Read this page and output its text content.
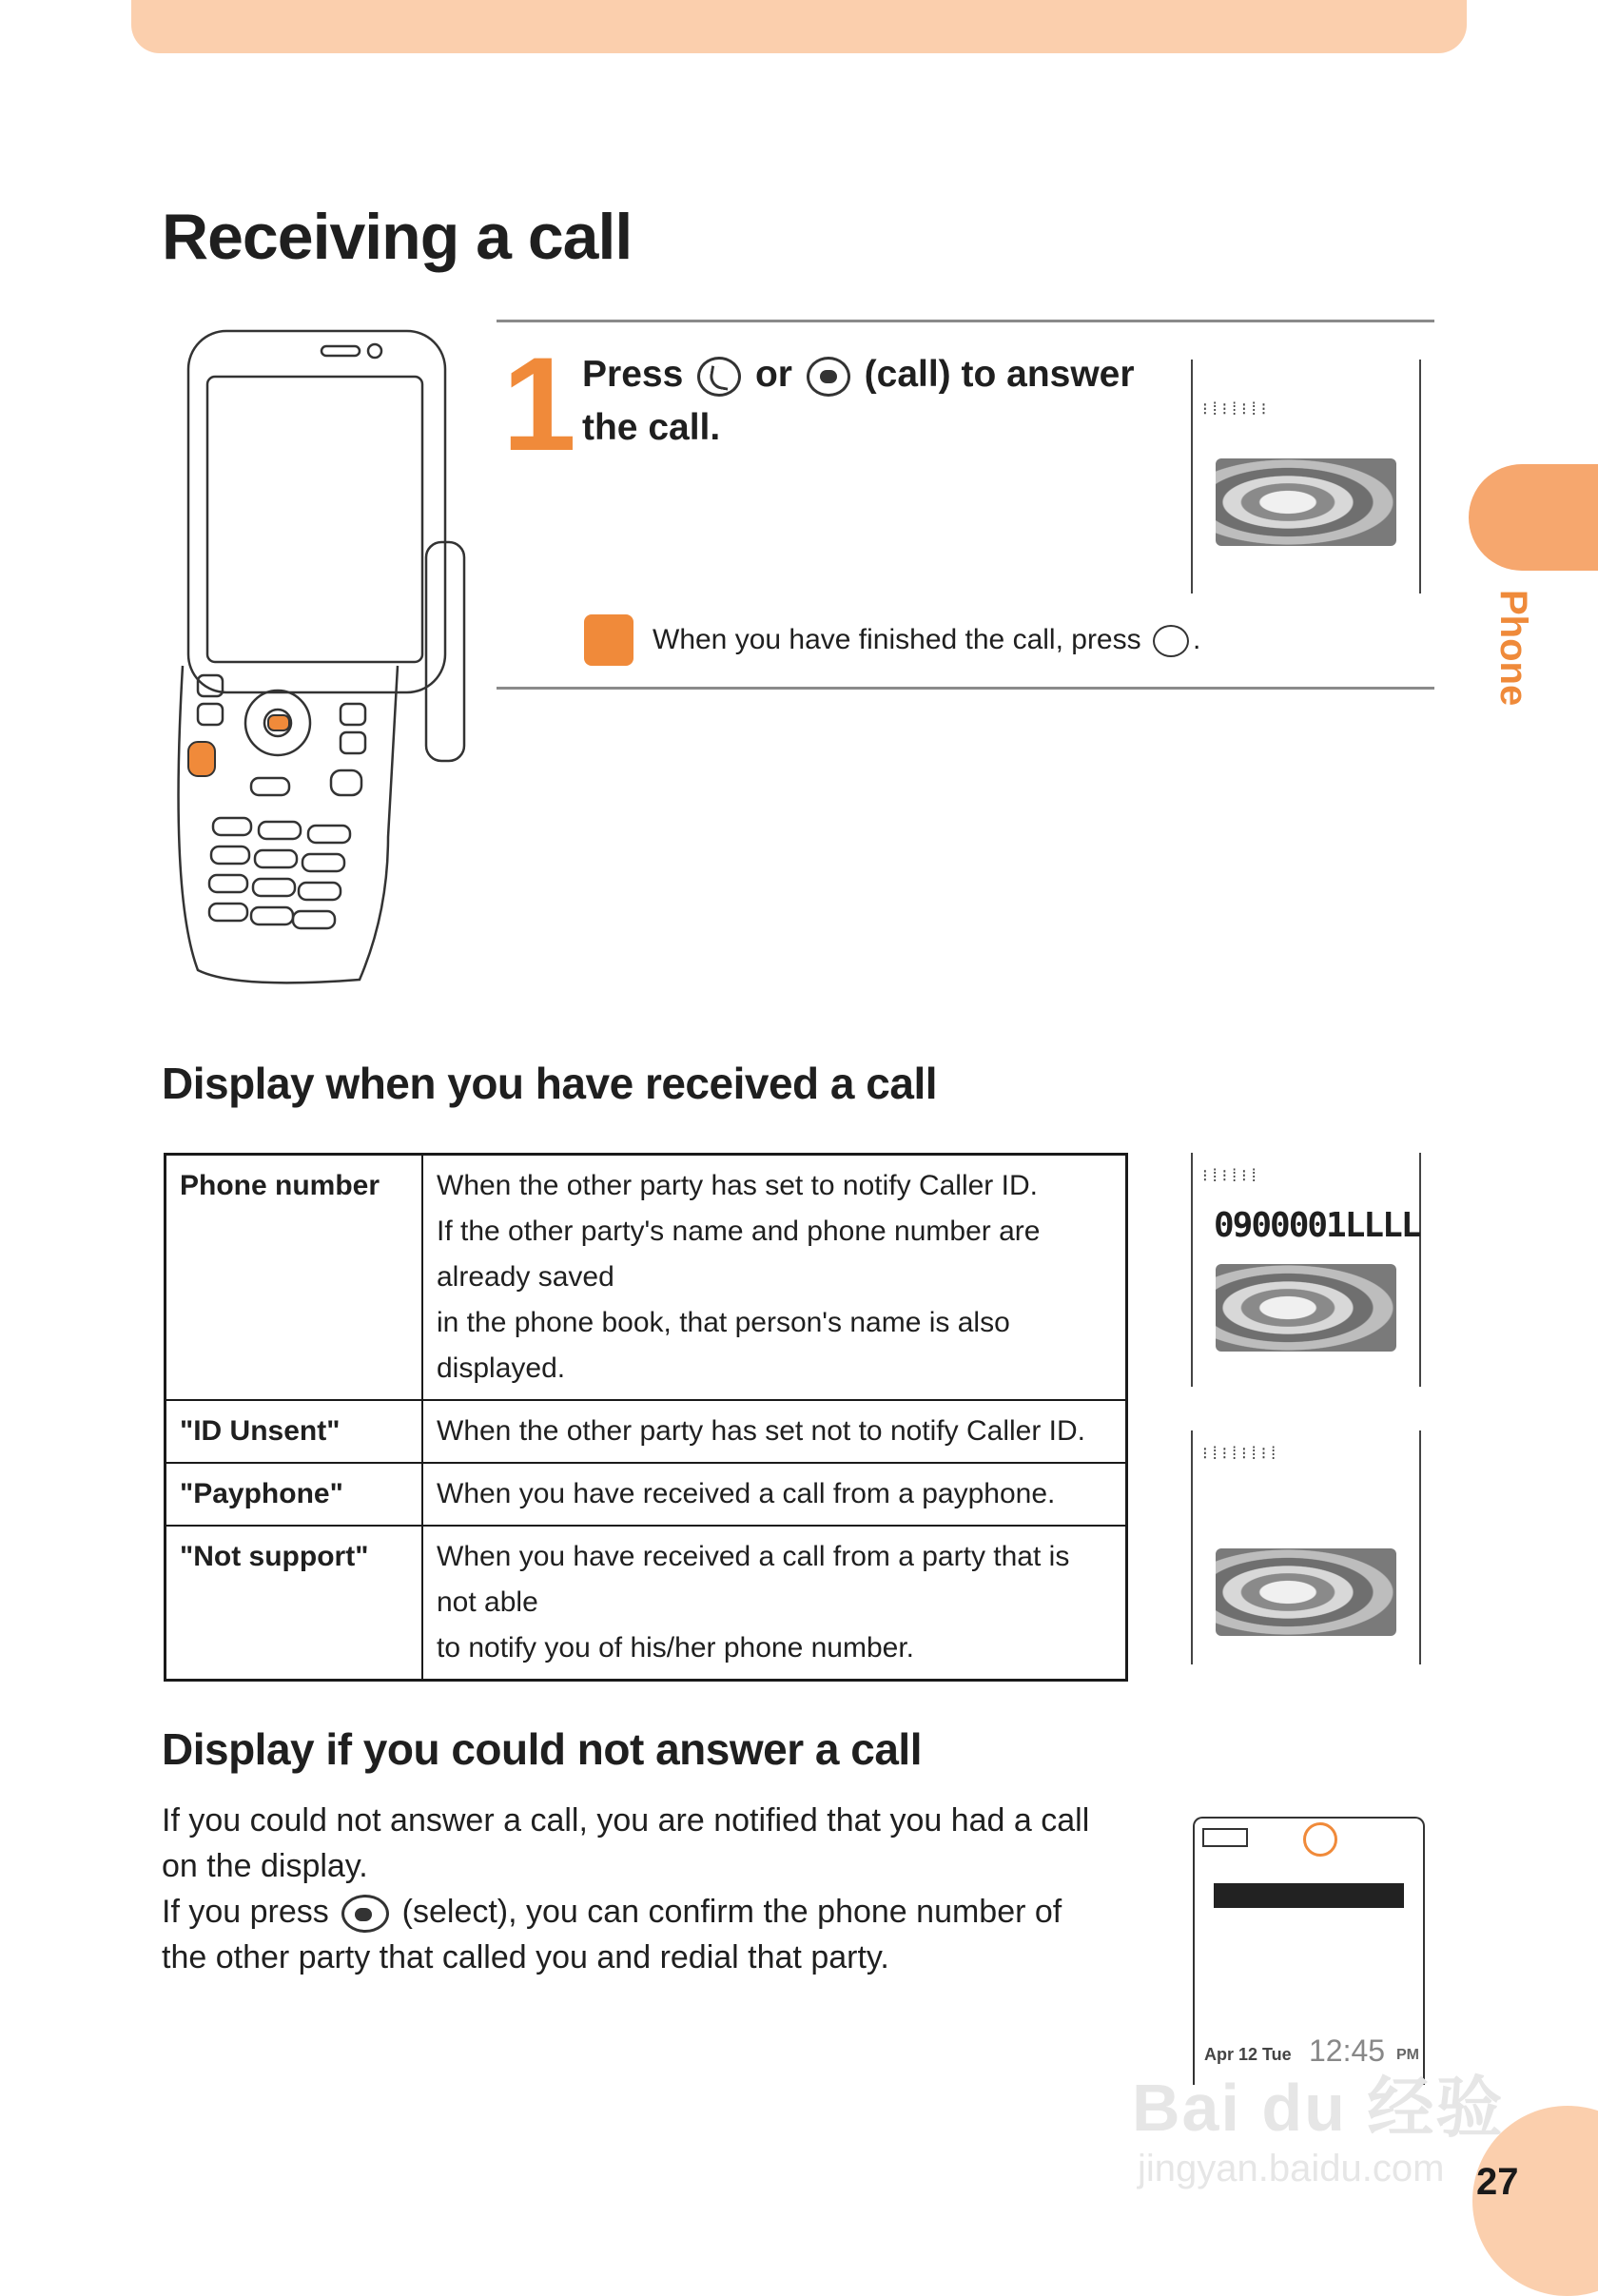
Receiving a call
1 Press or (call) to answer the call.	⁝⁞⁝⁞⁝⁞⁝
When you have finished the call, press .
Display when you have received a call
Phone number	When the other party has set to notify Caller ID.
If the other party's name and phone number are already saved
in the phone book, that person's name is also displayed.

"ID Unsent"	When the other party has set not to notify Caller ID.

"Payphone"	When you have received a call from a payphone.

"Not support"	When you have received a call from a party that is not able
to notify you of his/her phone number.
⁝⁞⁝⁞⁝⁞
0900001LLLL
⁝⁞⁝⁞⁝⁞⁝⁞
Display if you could not answer a call
If you could not answer a call, you are notified that you had a call on the display.
If you press (select), you can confirm the phone number of the other party that called you and redial that party.
Apr 12 Tue 12:45 PM
Phone
Bai du 经验
jingyan.baidu.com 27
